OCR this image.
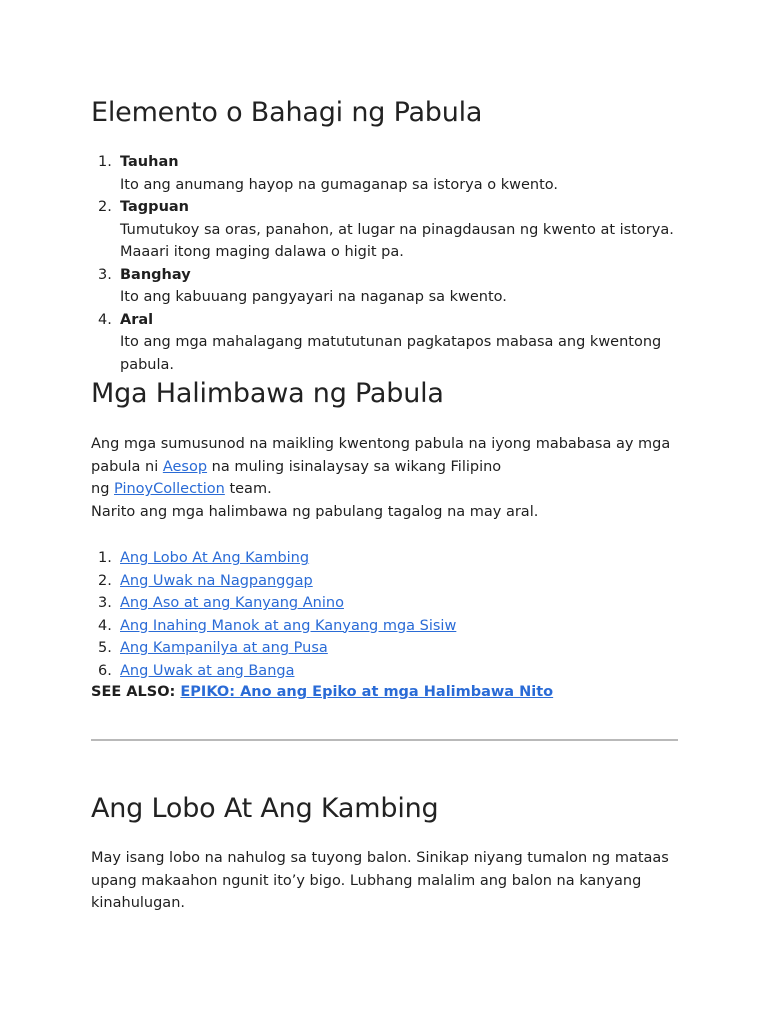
Elemento o Bahagi ng Pabula
1. Tauhan
Ito ang anumang hayop na gumaganap sa istorya o kwento.
2. Tagpuan
Tumutukoy sa oras, panahon, at lugar na pinagdausan ng kwento at istorya. Maaari itong maging dalawa o higit pa.
3. Banghay
Ito ang kabuuang pangyayari na naganap sa kwento.
4. Aral
Ito ang mga mahalagang matututunan pagkatapos mabasa ang kwentong pabula.
Mga Halimbawa ng Pabula

Ang mga sumusunod na maikling kwentong pabula na iyong mababasa ay mga pabula ni Aesop na muling isinalaysay sa wikang Filipino
ng PinoyCollection team.
Narito ang mga halimbawa ng pabulang tagalog na may aral.

1. Ang Lobo At Ang Kambing
2. Ang Uwak na Nagpanggap
3. Ang Aso at ang Kanyang Anino
4. Ang Inahing Manok at ang Kanyang mga Sisiw
5. Ang Kampanilya at ang Pusa
6. Ang Uwak at ang Banga
SEE ALSO: EPIKO: Ano ang Epiko at mga Halimbawa Nito
Ang Lobo At Ang Kambing

May isang lobo na nahulog sa tuyong balon. Sinikap niyang tumalon ng mataas upang makaahon ngunit ito’y bigo. Lubhang malalim ang balon na kanyang kinahulugan.
